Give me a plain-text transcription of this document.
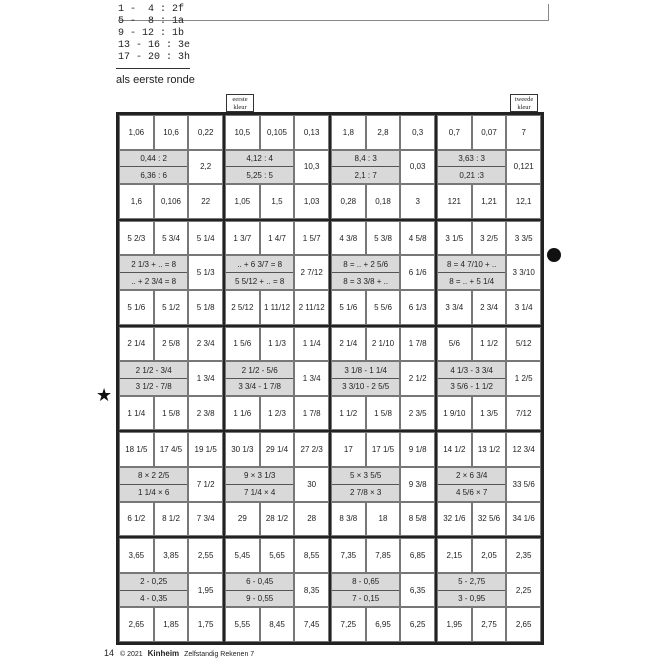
1 -  4 : 2f
5 -  8 : 1a
9 - 12 : 1b
13 - 16 : 3e
17 - 20 : 3h
als eerste ronde
eerste kleur
tweede kleur
1,06	10,6	0,22
0,44 : 2
6,36 : 6
2,2
1,6	0,106	22
10,5	0,105	0,13
4,12 : 4
5,25 : 5
10,3
1,05	1,5	1,03
1,8	2,8	0,3
8,4 : 3
2,1 : 7
0,03
0,28	0,18	3
0,7	0,07	7
3,63 : 3
0,21 :3
0,121
121	1,21	12,1
5 2/3	5 3/4	5 1/4
2 1/3 + .. = 8
.. + 2 3/4 = 8
5 1/3
5 1/6	5 1/2	5 1/8
1 3/7	1 4/7	1 5/7
.. + 6 3/7 = 8
5 5/12 + .. = 8
2 7/12
2 5/12	1 11/12	2 11/12
4 3/8	5 3/8	4 5/8
8 = .. + 2 5/6
8 = 3 3/8 + ..
6 1/6
5 1/6	5 5/6	6 1/3
3 1/5	3 2/5	3 3/5
8 = 4 7/10 + ..
8 = .. + 5 1/4
3 3/10
3 3/4	2 3/4	3 1/4
2 1/4	2 5/8	2 3/4
2 1/2 - 3/4
3 1/2 - 7/8
1 3/4
1 1/4	1 5/8	2 3/8
1 5/6	1 1/3	1 1/4
2 1/2 - 5/6
3 3/4 - 1 7/8
1 3/4
1 1/6	1 2/3	1 7/8
2 1/4	2 1/10	1 7/8
3 1/8 - 1 1/4
3 3/10 - 2 5/5
2 1/2
1 1/2	1 5/8	2 3/5
5/6	1 1/2	5/12
4 1/3 - 3 3/4
3 5/6 - 1 1/2
1 2/5
1 9/10	1 3/5	7/12
18 1/5	17 4/5	19 1/5
8 × 2 2/5
1 1/4 × 6
7 1/2
6 1/2	8 1/2	7 3/4
30 1/3	29 1/4	27 2/3
9 × 3 1/3
7 1/4 × 4
30
29	28 1/2	28
17	17 1/5	9 1/8
5 × 3 5/5
2 7/8 × 3
9 3/8
8 3/8	18	8 5/8
14 1/2	13 1/2	12 3/4
2 × 6 3/4
4 5/6 × 7
33 5/6
32 1/6	32 5/6	34 1/6
3,65	3,85	2,55
2 - 0,25
4 - 0,35
1,95
2,65	1,85	1,75
5,45	5,65	8,55
6 - 0,45
9 - 0,55
8,35
5,55	8,45	7,45
7,35	7,85	6,85
8 - 0,65
7 - 0,15
6,35
7,25	6,95	6,25
2,15	2,05	2,35
5 - 2,75
3 - 0,95
2,25
1,95	2,75	2,65
★
14 © 2021 Kinheim Zelfstandig Rekenen 7
